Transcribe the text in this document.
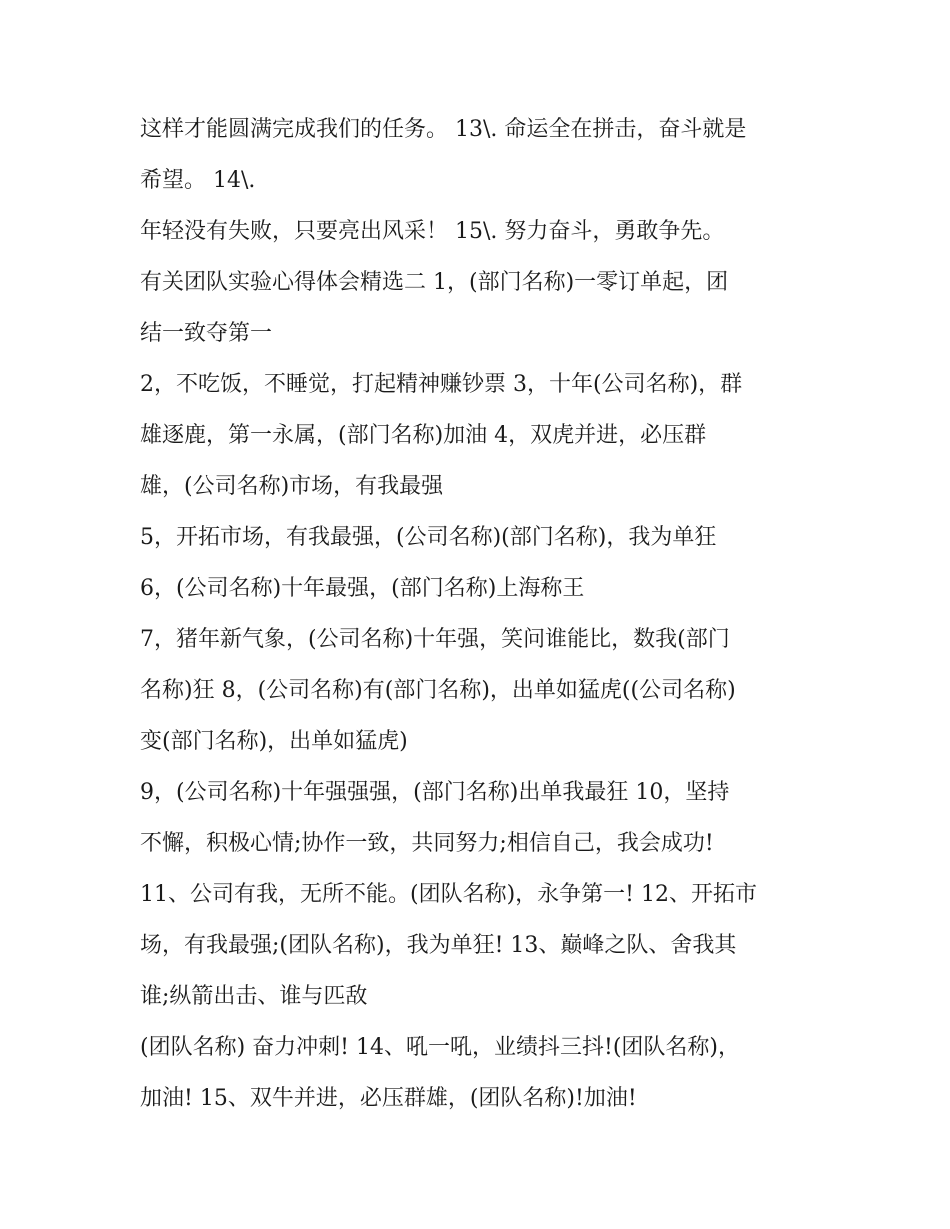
这样才能圆满完成我们的任务。 13\. 命运全在拼击，奋斗就是
希望。 14\.
年轻没有失败，只要亮出风采！ 15\. 努力奋斗，勇敢争先。
有关团队实验心得体会精选二 1，(部门名称)一零订单起，团
结一致夺第一
2，不吃饭，不睡觉，打起精神赚钞票 3，十年(公司名称)，群
雄逐鹿，第一永属，(部门名称)加油 4，双虎并进，必压群
雄，(公司名称)市场，有我最强
5，开拓市场，有我最强，(公司名称)(部门名称)，我为单狂
6，(公司名称)十年最强，(部门名称)上海称王
7，猪年新气象，(公司名称)十年强，笑问谁能比，数我(部门
名称)狂 8，(公司名称)有(部门名称)，出单如猛虎((公司名称)
变(部门名称)，出单如猛虎)
9，(公司名称)十年强强强，(部门名称)出单我最狂 10，坚持
不懈，积极心情;协作一致，共同努力;相信自己，我会成功!
11、公司有我，无所不能。(团队名称)，永争第一! 12、开拓市
场，有我最强;(团队名称)，我为单狂! 13、巅峰之队、舍我其
谁;纵箭出击、谁与匹敌
(团队名称) 奋力冲刺! 14、吼一吼，业绩抖三抖!(团队名称)，
加油! 15、双牛并进，必压群雄，(团队名称)!加油!
